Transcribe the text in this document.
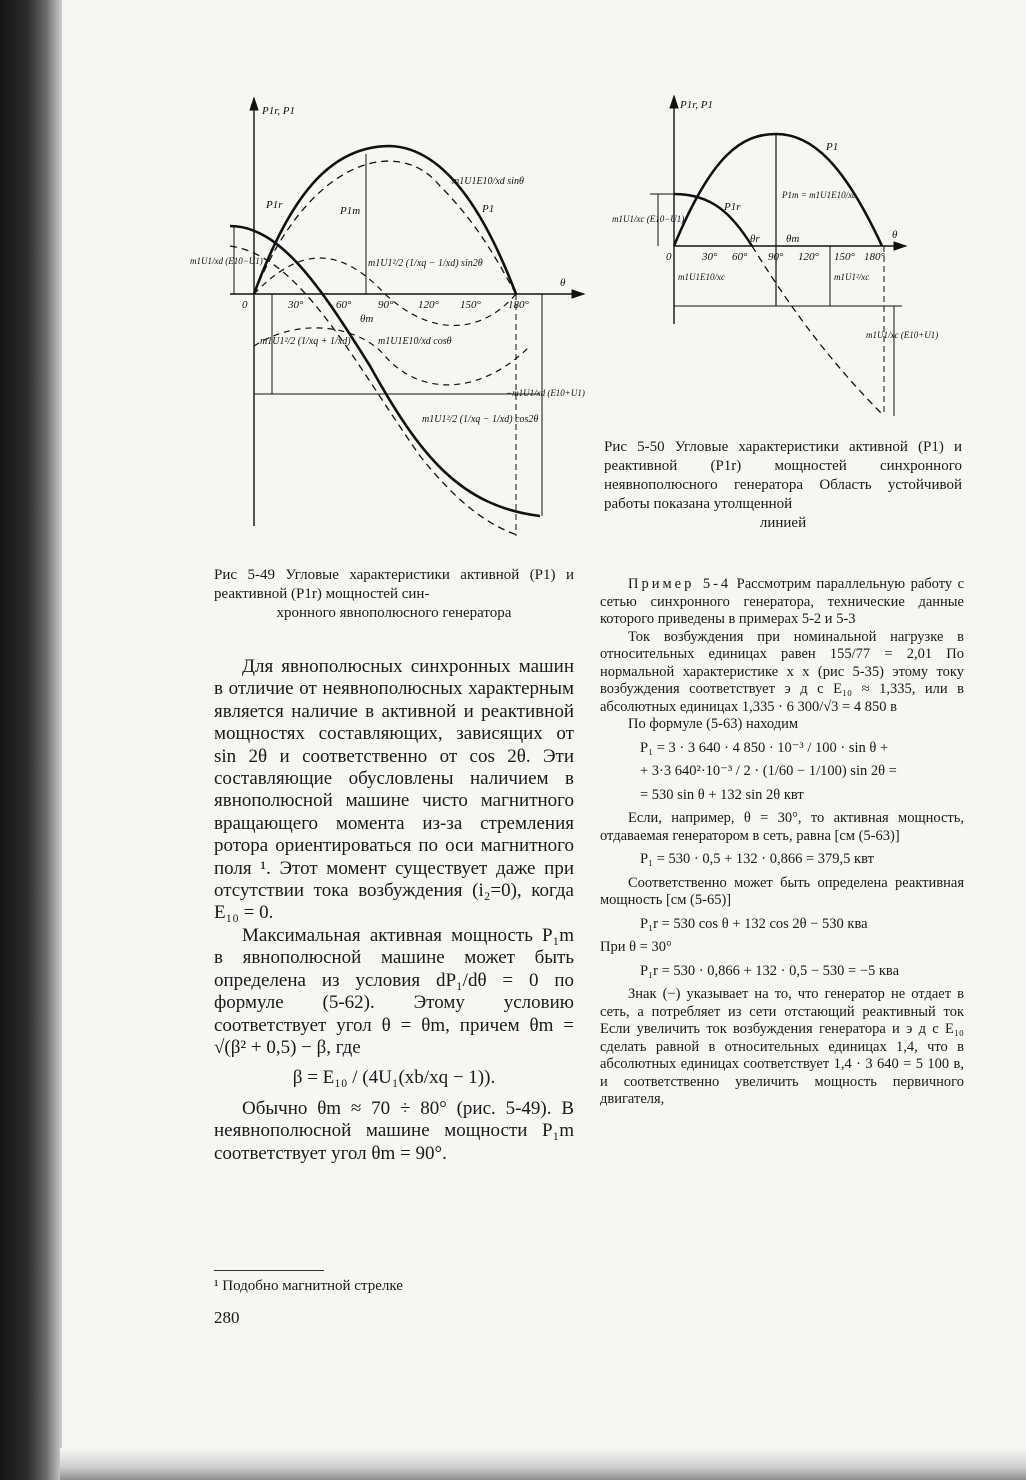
P1r, P1
θ
0	30°	60° 90° 120° 150° 180°
P1
P1r	P1m
θm
m1U1E10/xd sinθ
m1U1²/2 (1/xq − 1/xd) sin2θ
m1U1E10/xd cosθ
m1U1²/2 (1/xq − 1/xd) cos2θ
m1U1²/2 (1/xq + 1/xd)
m1U1/xd (E10−U1)
−m1U1/xd (E10+U1)
Рис 5-49 Угловые характеристики активной (P1) и реактивной (P1r) мощностей син-
хронного явнополюсного генератора
P1r, P1
θ
0	30° 60° 90° 120° 150° 180°
P1
P1r
θr θm
P1m = m1U1E10/xc
m1U1/xc (E10−U1)
m1U1E10/xc	m1U1²/xc
m1U1/xc (E10+U1)
Рис 5-50 Угловые характеристики активной (P1) и реактивной (P1r) мощностей синхронного неявнополюсного генератора Область устойчивой работы показана утолщенной
линией

Для явнополюсных синхронных машин в отличие от неявнополюсных характерным является наличие в активной и реактивной мощностях составляющих, зависящих от sin 2θ и соответственно от cos 2θ. Эти составляющие обусловлены наличием в явнополюсной машине чисто магнитного вращающего момента из-за стремления ротора ориентироваться по оси магнитного поля ¹. Этот момент существует даже при отсутствии тока возбуждения (i₂=0), когда E₁₀ = 0.

Максимальная активная мощность P₁m в явнополюсной машине может быть определена из условия dP₁/dθ = 0 по формуле (5-62). Этому условию соответствует угол θ = θm, причем θm = √(β² + 0,5) − β, где

β = E₁₀ / (4U₁(xb/xq − 1)).

Обычно θm ≈ 70 ÷ 80° (рис. 5-49). В неявнополюсной машине мощности P₁m соответствует угол θm = 90°.

¹ Подобно магнитной стрелке
280

Пример 5-4 Рассмотрим параллельную работу с сетью синхронного генератора, технические данные которого приведены в примерах 5-2 и 5-3

Ток возбуждения при номинальной нагрузке в относительных единицах равен 155/77 = 2,01 По нормальной характеристике х х (рис 5-35) этому току возбуждения соответствует э д с E₁₀ ≈ 1,335, или в абсолютных единицах 1,335 · 6 300/√3 = 4 850 в

По формуле (5-63) находим

P₁ = 3 · 3 640 · 4 850 · 10⁻³ / 100 · sin θ +

+ 3·3 640²·10⁻³ / 2 · (1/60 − 1/100) sin 2θ =

= 530 sin θ + 132 sin 2θ квт

Если, например, θ = 30°, то активная мощность, отдаваемая генератором в сеть, равна [см (5-63)]

P₁ = 530 · 0,5 + 132 · 0,866 = 379,5 квт

Соответственно может быть определена реактивная мощность [см (5-65)]

P₁r = 530 cos θ + 132 cos 2θ − 530 ква

При θ = 30°

P₁r = 530 · 0,866 + 132 · 0,5 − 530 = −5 ква

Знак (−) указывает на то, что генератор не отдает в сеть, а потребляет из сети отстающий реактивный ток Если увеличить ток возбуждения генератора и э д с E₁₀ сделать равной в относительных единицах 1,4, что в абсолютных единицах соответствует 1,4 · 3 640 = 5 100 в, и соответственно увеличить мощность первичного двигателя,
